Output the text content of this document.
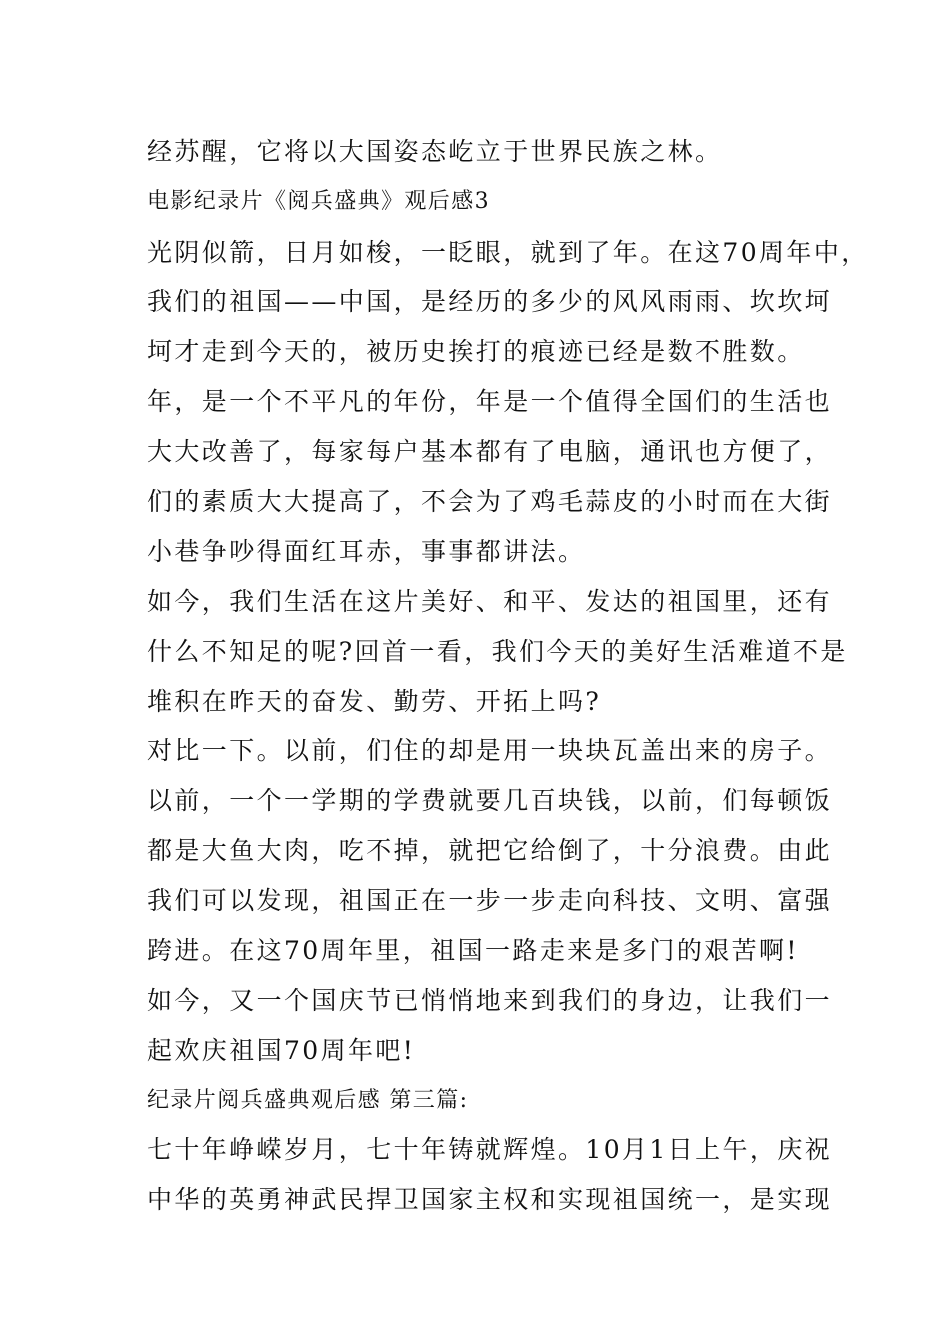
经苏醒，它将以大国姿态屹立于世界民族之林。
电影纪录片《阅兵盛典》观后感3
光阴似箭，日月如梭，一眨眼，就到了年。在这70周年中，
我们的祖国——中国，是经历的多少的风风雨雨、坎坎坷
坷才走到今天的，被历史挨打的痕迹已经是数不胜数。
年，是一个不平凡的年份，年是一个值得全国们的生活也
大大改善了，每家每户基本都有了电脑，通讯也方便了，
们的素质大大提高了，不会为了鸡毛蒜皮的小时而在大街
小巷争吵得面红耳赤，事事都讲法。
如今，我们生活在这片美好、和平、发达的祖国里，还有
什么不知足的呢?回首一看，我们今天的美好生活难道不是
堆积在昨天的奋发、勤劳、开拓上吗?
对比一下。以前，们住的却是用一块块瓦盖出来的房子。
以前，一个一学期的学费就要几百块钱，以前，们每顿饭
都是大鱼大肉，吃不掉，就把它给倒了，十分浪费。由此
我们可以发现，祖国正在一步一步走向科技、文明、富强
跨进。在这70周年里，祖国一路走来是多门的艰苦啊!
如今，又一个国庆节已悄悄地来到我们的身边，让我们一
起欢庆祖国70周年吧!
纪录片阅兵盛典观后感 第三篇:
七十年峥嵘岁月，七十年铸就辉煌。10月1日上午，庆祝
中华的英勇神武民捍卫国家主权和实现祖国统一，是实现
